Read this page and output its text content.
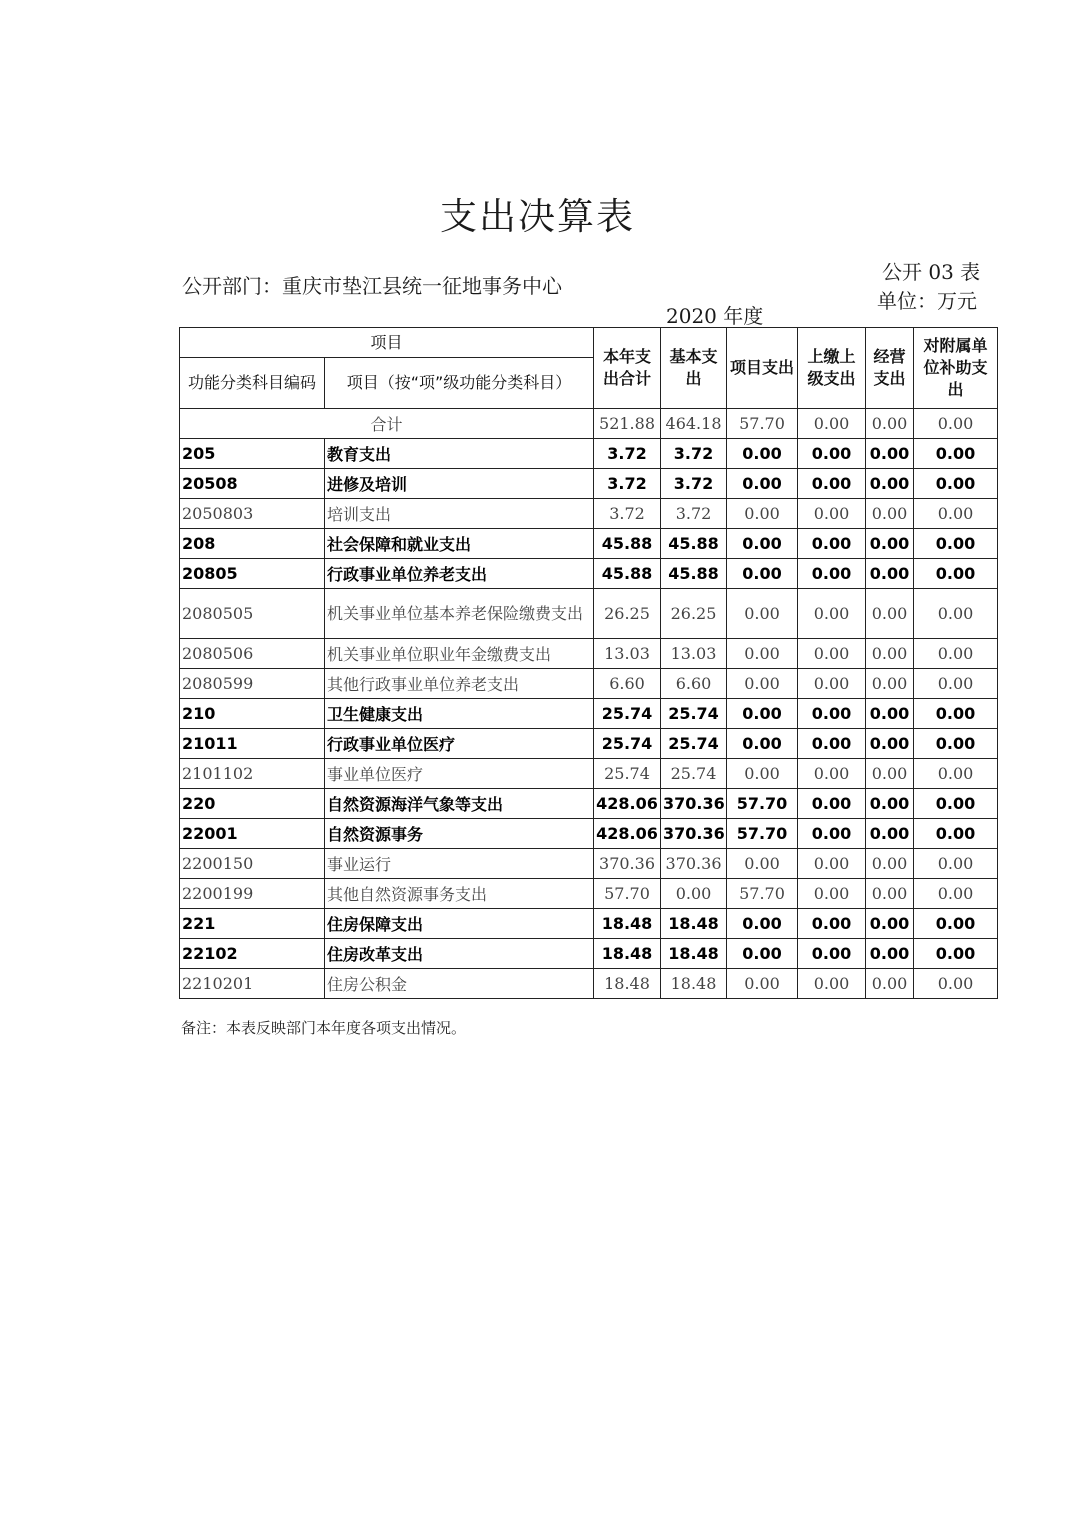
支出决算表
公开部门：重庆市垫江县统一征地事务中心
公开 03 表
单位：万元
2020 年度
项目		本年支出合计	基本支出	项目支出	上缴上级支出	经营支出	对附属单位补助支出
功能分类科目编码	项目（按“项”级功能分类科目）						
合计		521.88	464.18	57.70	0.00	0.00	0.00
205	教育支出	3.72	3.72	0.00	0.00	0.00	0.00
20508	进修及培训	3.72	3.72	0.00	0.00	0.00	0.00
2050803	培训支出	3.72	3.72	0.00	0.00	0.00	0.00
208	社会保障和就业支出	45.88	45.88	0.00	0.00	0.00	0.00
20805	行政事业单位养老支出	45.88	45.88	0.00	0.00	0.00	0.00
2080505	机关事业单位基本养老保险缴费支出	26.25	26.25	0.00	0.00	0.00	0.00
2080506	机关事业单位职业年金缴费支出	13.03	13.03	0.00	0.00	0.00	0.00
2080599	其他行政事业单位养老支出	6.60	6.60	0.00	0.00	0.00	0.00
210	卫生健康支出	25.74	25.74	0.00	0.00	0.00	0.00
21011	行政事业单位医疗	25.74	25.74	0.00	0.00	0.00	0.00
2101102	事业单位医疗	25.74	25.74	0.00	0.00	0.00	0.00
220	自然资源海洋气象等支出	428.06	370.36	57.70	0.00	0.00	0.00
22001	自然资源事务	428.06	370.36	57.70	0.00	0.00	0.00
2200150	事业运行	370.36	370.36	0.00	0.00	0.00	0.00
2200199	其他自然资源事务支出	57.70	0.00	57.70	0.00	0.00	0.00
221	住房保障支出	18.48	18.48	0.00	0.00	0.00	0.00
22102	住房改革支出	18.48	18.48	0.00	0.00	0.00	0.00
2210201	住房公积金	18.48	18.48	0.00	0.00	0.00	0.00
备注：本表反映部门本年度各项支出情况。
